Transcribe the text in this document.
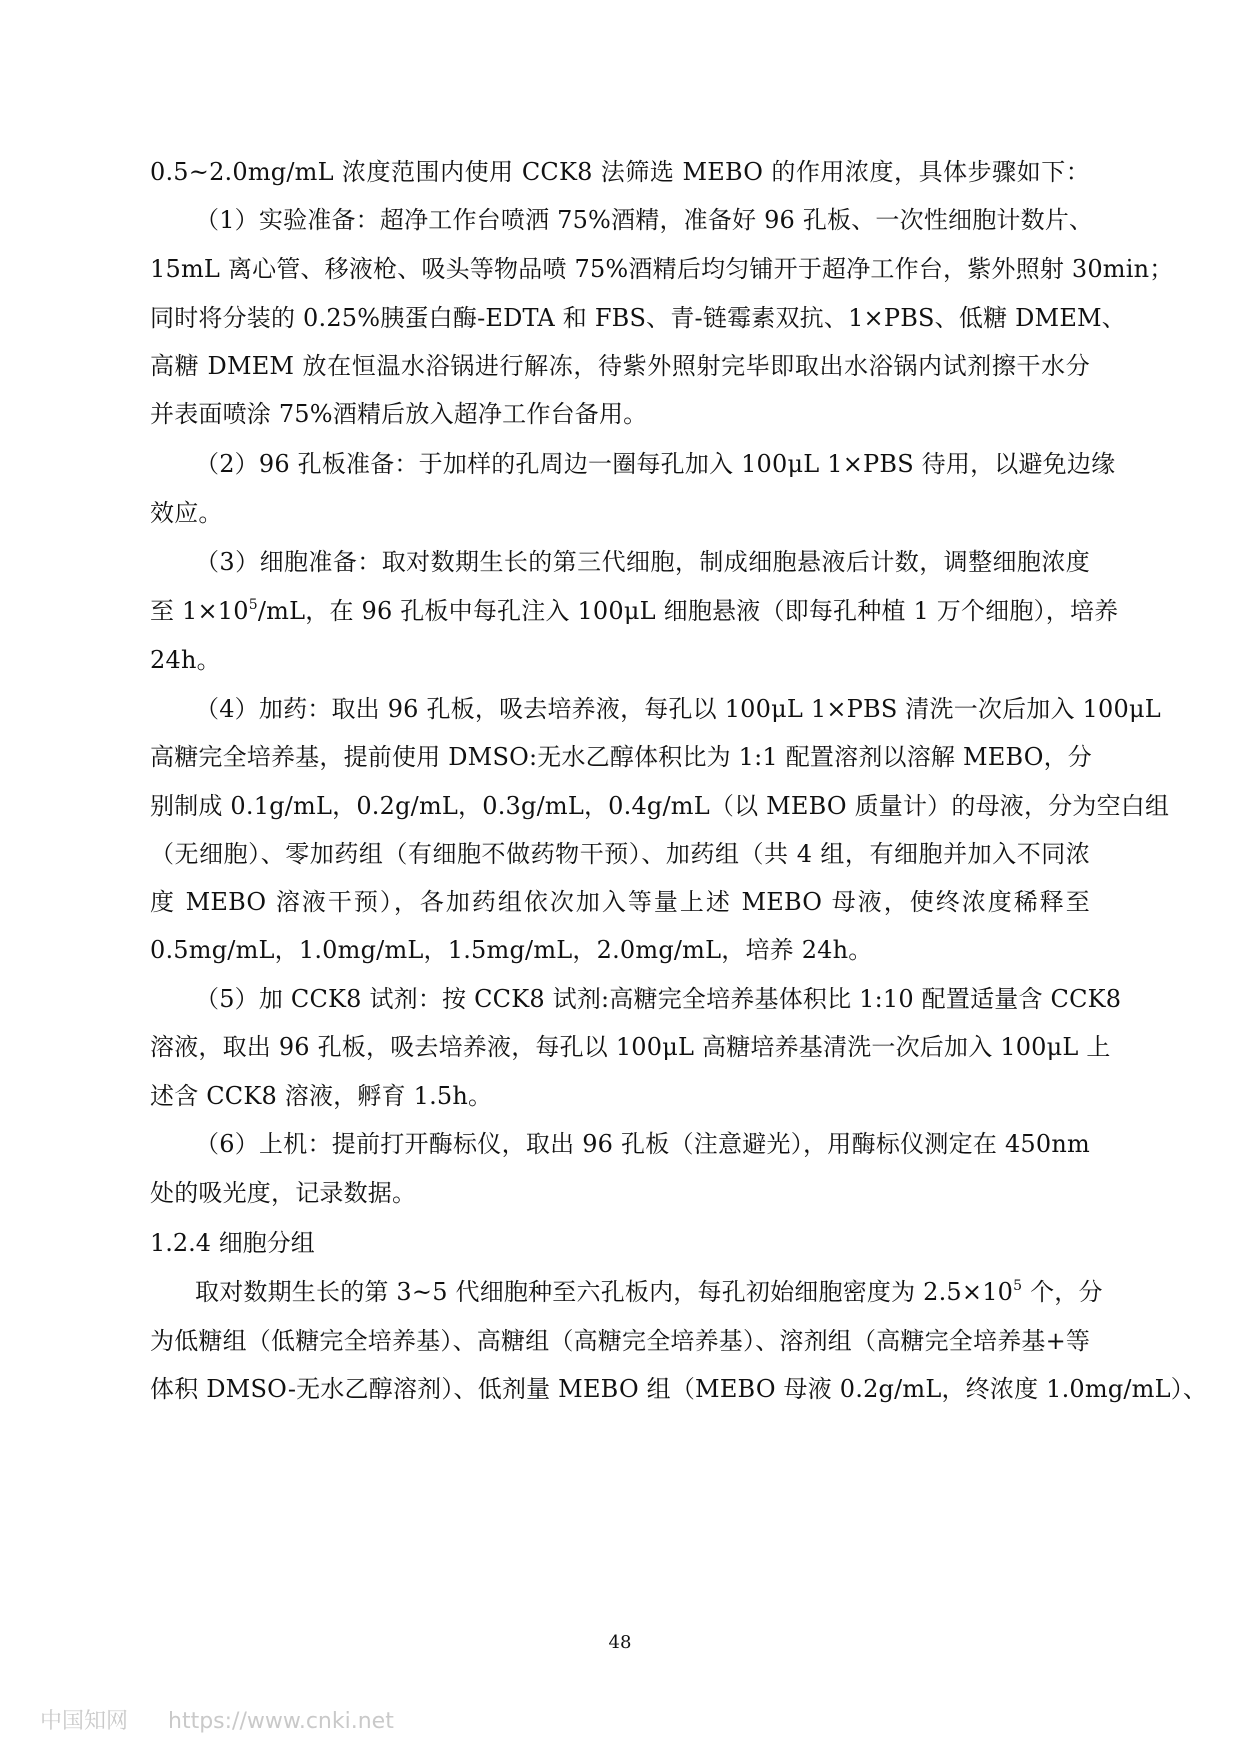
0.5~2.0mg/mL 浓度范围内使用 CCK8 法筛选 MEBO 的作用浓度，具体步骤如下：
（1）实验准备：超净工作台喷洒 75%酒精，准备好 96 孔板、一次性细胞计数片、
15mL 离心管、移液枪、吸头等物品喷 75%酒精后均匀铺开于超净工作台，紫外照射 30min；
同时将分装的 0.25%胰蛋白酶-EDTA 和 FBS、青-链霉素双抗、1×PBS、低糖 DMEM、
高糖 DMEM 放在恒温水浴锅进行解冻，待紫外照射完毕即取出水浴锅内试剂擦干水分
并表面喷涂 75%酒精后放入超净工作台备用。
（2）96 孔板准备：于加样的孔周边一圈每孔加入 100μL 1×PBS 待用，以避免边缘
效应。
（3）细胞准备：取对数期生长的第三代细胞，制成细胞悬液后计数，调整细胞浓度
至 $1\times 10^5/mL$，在 96 孔板中每孔注入 100μL 细胞悬液（即每孔种植 1 万个细胞），培养
24h。
（4）加药：取出 96 孔板，吸去培养液，每孔以 100μL 1×PBS 清洗一次后加入 100μL
高糖完全培养基，提前使用 DMSO:无水乙醇体积比为 1:1 配置溶剂以溶解 MEBO，分
别制成 0.1g/mL，0.2g/mL，0.3g/mL，0.4g/mL（以 MEBO 质量计）的母液，分为空白组
（无细胞）、零加药组（有细胞不做药物干预）、加药组（共 4 组，有细胞并加入不同浓
度 MEBO 溶液干预），各加药组依次加入等量上述 MEBO 母液，使终浓度稀释至
0.5mg/mL，1.0mg/mL，1.5mg/mL，2.0mg/mL，培养 24h。
（5）加 CCK8 试剂：按 CCK8 试剂:高糖完全培养基体积比 1:10 配置适量含 CCK8
溶液，取出 96 孔板，吸去培养液，每孔以 100μL 高糖培养基清洗一次后加入 100μL 上
述含 CCK8 溶液，孵育 1.5h。
（6）上机：提前打开酶标仪，取出 96 孔板（注意避光），用酶标仪测定在 450nm
处的吸光度，记录数据。
1.2.4 细胞分组
取对数期生长的第 3~5 代细胞种至六孔板内，每孔初始细胞密度为 $2.5\times 10^5$ 个，分
为低糖组（低糖完全培养基）、高糖组（高糖完全培养基）、溶剂组（高糖完全培养基+等
体积 DMSO-无水乙醇溶剂）、低剂量 MEBO 组（MEBO 母液 0.2g/mL，终浓度 1.0mg/mL）、
48
中国知网 https://www.cnki.net
